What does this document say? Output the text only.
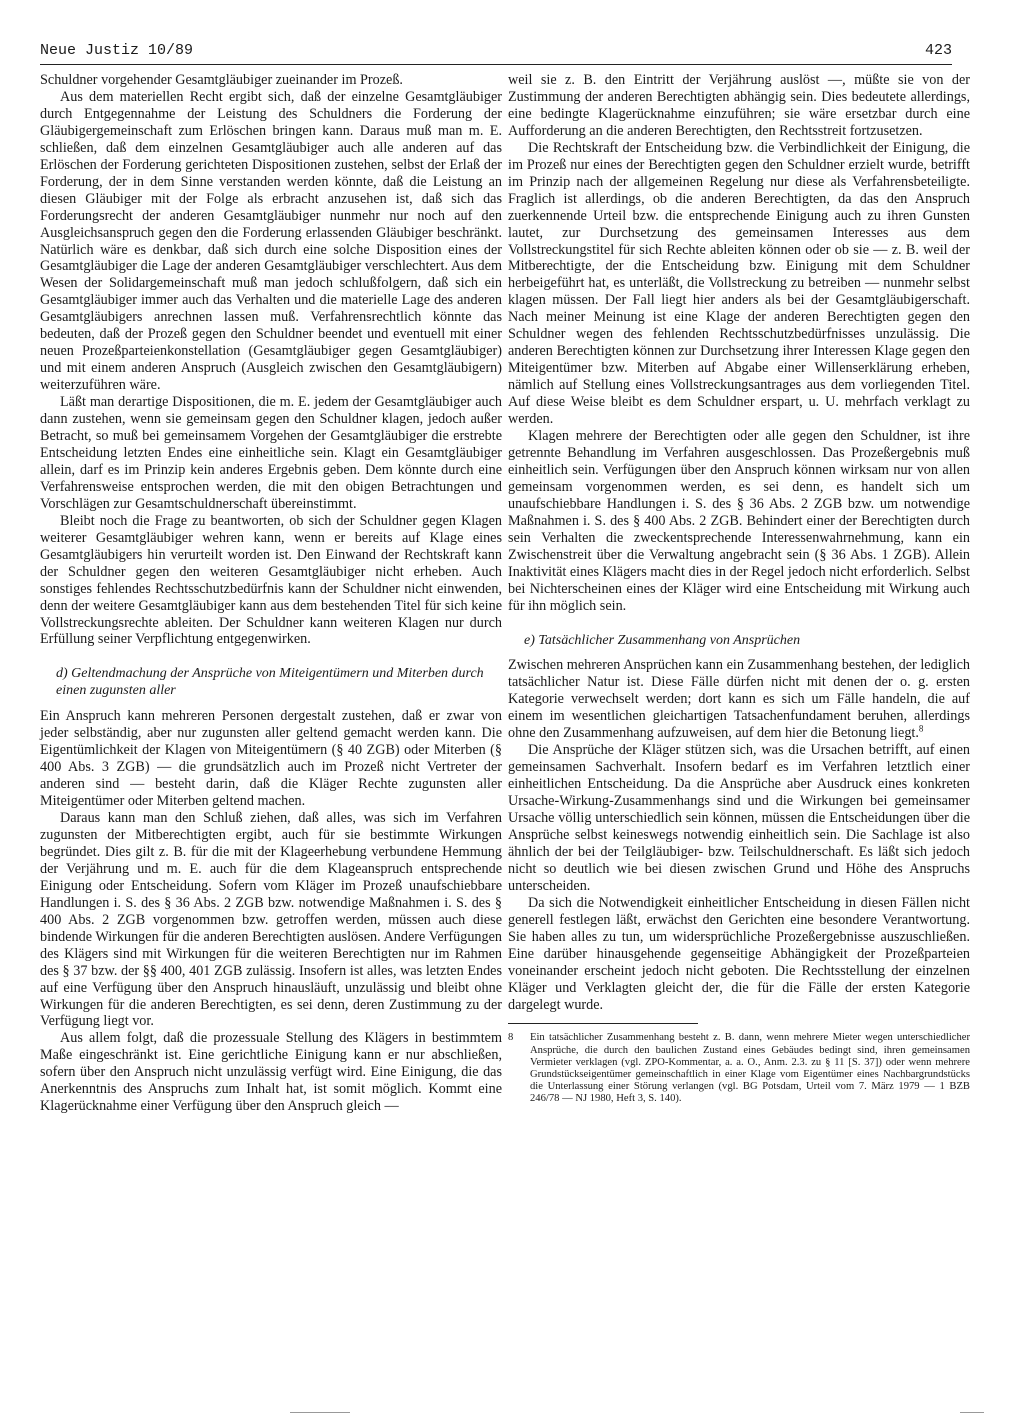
Neue Justiz 10/89	423

Schuldner vorgehender Gesamtgläubiger zueinander im Prozeß.

Aus dem materiellen Recht ergibt sich, daß der einzelne Gesamtgläubiger durch Entgegennahme der Leistung des Schuldners die Forderung der Gläubigergemeinschaft zum Erlöschen bringen kann. Daraus muß man m. E. schließen, daß dem einzelnen Gesamtgläubiger auch alle anderen auf das Erlöschen der Forderung gerichteten Dispositionen zustehen, selbst der Erlaß der Forderung, der in dem Sinne verstanden werden könnte, daß die Leistung an diesen Gläubiger mit der Folge als erbracht anzusehen ist, daß sich das Forderungsrecht der anderen Gesamtgläubiger nunmehr nur noch auf den Ausgleichsanspruch gegen den die Forderung erlassenden Gläubiger beschränkt. Natürlich wäre es denkbar, daß sich durch eine solche Disposition eines der Gesamtgläubiger die Lage der anderen Gesamtgläubiger verschlechtert. Aus dem Wesen der Solidargemeinschaft muß man jedoch schlußfolgern, daß sich ein Gesamtgläubiger immer auch das Verhalten und die materielle Lage des anderen Gesamtgläubigers anrechnen lassen muß. Verfahrensrechtlich könnte das bedeuten, daß der Prozeß gegen den Schuldner beendet und eventuell mit einer neuen Prozeßparteienkonstellation (Gesamtgläubiger gegen Gesamtgläubiger) und mit einem anderen Anspruch (Ausgleich zwischen den Gesamtgläubigern) weiterzuführen wäre.

Läßt man derartige Dispositionen, die m. E. jedem der Gesamtgläubiger auch dann zustehen, wenn sie gemeinsam gegen den Schuldner klagen, jedoch außer Betracht, so muß bei gemeinsamem Vorgehen der Gesamtgläubiger die erstrebte Entscheidung letzten Endes eine einheitliche sein. Klagt ein Gesamtgläubiger allein, darf es im Prinzip kein anderes Ergebnis geben. Dem könnte durch eine Verfahrensweise entsprochen werden, die mit den obigen Betrachtungen und Vorschlägen zur Gesamtschuldnerschaft übereinstimmt.

Bleibt noch die Frage zu beantworten, ob sich der Schuldner gegen Klagen weiterer Gesamtgläubiger wehren kann, wenn er bereits auf Klage eines Gesamtgläubigers hin verurteilt worden ist. Den Einwand der Rechtskraft kann der Schuldner gegen den weiteren Gesamtgläubiger nicht erheben. Auch sonstiges fehlendes Rechtsschutzbedürfnis kann der Schuldner nicht einwenden, denn der weitere Gesamtgläubiger kann aus dem bestehenden Titel für sich keine Vollstreckungsrechte ableiten. Der Schuldner kann weiteren Klagen nur durch Erfüllung seiner Verpflichtung entgegenwirken.

d) Geltendmachung der Ansprüche von Miteigentümern und Miterben durch einen zugunsten aller

Ein Anspruch kann mehreren Personen dergestalt zustehen, daß er zwar von jeder selbständig, aber nur zugunsten aller geltend gemacht werden kann. Die Eigentümlichkeit der Klagen von Miteigentümern (§ 40 ZGB) oder Miterben (§ 400 Abs. 3 ZGB) — die grundsätzlich auch im Prozeß nicht Vertreter der anderen sind — besteht darin, daß die Kläger Rechte zugunsten aller Miteigentümer oder Miterben geltend machen.

Daraus kann man den Schluß ziehen, daß alles, was sich im Verfahren zugunsten der Mitberechtigten ergibt, auch für sie bestimmte Wirkungen begründet. Dies gilt z. B. für die mit der Klageerhebung verbundene Hemmung der Verjährung und m. E. auch für die dem Klageanspruch entsprechende Einigung oder Entscheidung. Sofern vom Kläger im Prozeß unaufschiebbare Handlungen i. S. des § 36 Abs. 2 ZGB bzw. notwendige Maßnahmen i. S. des § 400 Abs. 2 ZGB vorgenommen bzw. getroffen werden, müssen auch diese bindende Wirkungen für die anderen Berechtigten auslösen. Andere Verfügungen des Klägers sind mit Wirkungen für die weiteren Berechtigten nur im Rahmen des § 37 bzw. der §§ 400, 401 ZGB zulässig. Insofern ist alles, was letzten Endes auf eine Verfügung über den Anspruch hinausläuft, unzulässig und bleibt ohne Wirkungen für die anderen Berechtigten, es sei denn, deren Zustimmung zu der Verfügung liegt vor.

Aus allem folgt, daß die prozessuale Stellung des Klägers in bestimmtem Maße eingeschränkt ist. Eine gerichtliche Einigung kann er nur abschließen, sofern über den Anspruch nicht unzulässig verfügt wird. Eine Einigung, die das Anerkenntnis des Anspruchs zum Inhalt hat, ist somit möglich. Kommt eine Klagerücknahme einer Verfügung über den Anspruch gleich —

weil sie z. B. den Eintritt der Verjährung auslöst —, müßte sie von der Zustimmung der anderen Berechtigten abhängig sein. Dies bedeutete allerdings, eine bedingte Klagerücknahme einzuführen; sie wäre ersetzbar durch eine Aufforderung an die anderen Berechtigten, den Rechtsstreit fortzusetzen.

Die Rechtskraft der Entscheidung bzw. die Verbindlichkeit der Einigung, die im Prozeß nur eines der Berechtigten gegen den Schuldner erzielt wurde, betrifft im Prinzip nach der allgemeinen Regelung nur diese als Verfahrensbeteiligte. Fraglich ist allerdings, ob die anderen Berechtigten, da das den Anspruch zuerkennende Urteil bzw. die entsprechende Einigung auch zu ihren Gunsten lautet, zur Durchsetzung des gemeinsamen Interesses aus dem Vollstreckungstitel für sich Rechte ableiten können oder ob sie — z. B. weil der Mitberechtigte, der die Entscheidung bzw. Einigung mit dem Schuldner herbeigeführt hat, es unterläßt, die Vollstreckung zu betreiben — nunmehr selbst klagen müssen. Der Fall liegt hier anders als bei der Gesamtgläubigerschaft. Nach meiner Meinung ist eine Klage der anderen Berechtigten gegen den Schuldner wegen des fehlenden Rechtsschutzbedürfnisses unzulässig. Die anderen Berechtigten können zur Durchsetzung ihrer Interessen Klage gegen den Miteigentümer bzw. Miterben auf Abgabe einer Willenserklärung erheben, nämlich auf Stellung eines Vollstreckungsantrages aus dem vorliegenden Titel. Auf diese Weise bleibt es dem Schuldner erspart, u. U. mehrfach verklagt zu werden.

Klagen mehrere der Berechtigten oder alle gegen den Schuldner, ist ihre getrennte Behandlung im Verfahren ausgeschlossen. Das Prozeßergebnis muß einheitlich sein. Verfügungen über den Anspruch können wirksam nur von allen gemeinsam vorgenommen werden, es sei denn, es handelt sich um unaufschiebbare Handlungen i. S. des § 36 Abs. 2 ZGB bzw. um notwendige Maßnahmen i. S. des § 400 Abs. 2 ZGB. Behindert einer der Berechtigten durch sein Verhalten die zweckentsprechende Interessenwahrnehmung, kann ein Zwischenstreit über die Verwaltung angebracht sein (§ 36 Abs. 1 ZGB). Allein Inaktivität eines Klägers macht dies in der Regel jedoch nicht erforderlich. Selbst bei Nichterscheinen eines der Kläger wird eine Entscheidung mit Wirkung auch für ihn möglich sein.

e) Tatsächlicher Zusammenhang von Ansprüchen

Zwischen mehreren Ansprüchen kann ein Zusammenhang bestehen, der lediglich tatsächlicher Natur ist. Diese Fälle dürfen nicht mit denen der o. g. ersten Kategorie verwechselt werden; dort kann es sich um Fälle handeln, die auf einem im wesentlichen gleichartigen Tatsachenfundament beruhen, allerdings ohne den Zusammenhang aufzuweisen, auf dem hier die Betonung liegt.$^8$

Die Ansprüche der Kläger stützen sich, was die Ursachen betrifft, auf einen gemeinsamen Sachverhalt. Insofern bedarf es im Verfahren letztlich einer einheitlichen Entscheidung. Da die Ansprüche aber Ausdruck eines konkreten Ursache-Wirkung-Zusammenhangs sind und die Wirkungen bei gemeinsamer Ursache völlig unterschiedlich sein können, müssen die Entscheidungen über die Ansprüche selbst keineswegs notwendig einheitlich sein. Die Sachlage ist also ähnlich der bei der Teilgläubiger- bzw. Teilschuldnerschaft. Es läßt sich jedoch nicht so deutlich wie bei diesen zwischen Grund und Höhe des Anspruchs unterscheiden.

Da sich die Notwendigkeit einheitlicher Entscheidung in diesen Fällen nicht generell festlegen läßt, erwächst den Gerichten eine besondere Verantwortung. Sie haben alles zu tun, um widersprüchliche Prozeßergebnisse auszuschließen. Eine darüber hinausgehende gegenseitige Abhängigkeit der Prozeßparteien voneinander erscheint jedoch nicht geboten. Die Rechtsstellung der einzelnen Kläger und Verklagten gleicht der, die für die Fälle der ersten Kategorie dargelegt wurde.

8 Ein tatsächlicher Zusammenhang besteht z. B. dann, wenn mehrere Mieter wegen unterschiedlicher Ansprüche, die durch den baulichen Zustand eines Gebäudes bedingt sind, ihren gemeinsamen Vermieter verklagen (vgl. ZPO-Kommentar, a. a. O., Anm. 2.3. zu § 11 [S. 37]) oder wenn mehrere Grundstückseigentümer gemeinschaftlich in einer Klage vom Eigentümer eines Nachbargrundstücks die Unterlassung einer Störung verlangen (vgl. BG Potsdam, Urteil vom 7. März 1979 — 1 BZB 246/78 — NJ 1980, Heft 3, S. 140).
